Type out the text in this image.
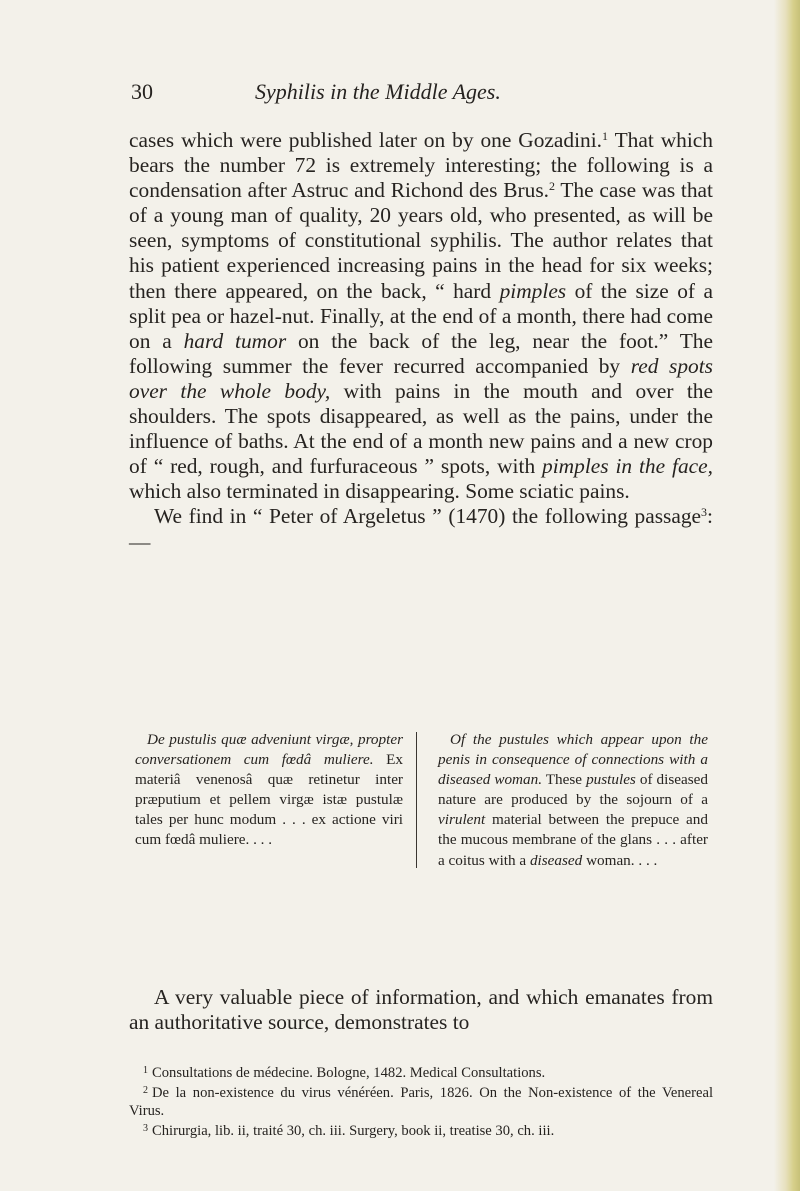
30	Syphilis in the Middle Ages.

cases which were published later on by one Gozadini.$^1$ That which bears the number 72 is extremely interesting; the following is a condensation after Astruc and Richond des Brus.$^2$ The case was that of a young man of quality, 20 years old, who presented, as will be seen, symptoms of constitutional syphilis. The author relates that his patient experienced increasing pains in the head for six weeks; then there appeared, on the back, “ hard pimples of the size of a split pea or hazel-nut. Finally, at the end of a month, there had come on a hard tumor on the back of the leg, near the foot.” The following summer the fever recurred accompanied by red spots over the whole body, with pains in the mouth and over the shoulders. The spots disappeared, as well as the pains, under the influence of baths. At the end of a month new pains and a new crop of “ red, rough, and furfuraceous ” spots, with pimples in the face, which also terminated in disappearing. Some sciatic pains.

We find in “ Peter of Argeletus ” (1470) the following passage$^3$: —

De pustulis quæ adveniunt virgæ, propter conversationem cum fœdâ muliere. Ex materiâ venenosâ quæ retinetur inter præputium et pellem virgæ istæ pustulæ tales per hunc modum . . . ex actione viri cum fœdâ muliere. . . .

Of the pustules which appear upon the penis in consequence of connections with a diseased woman. These pustules of diseased nature are produced by the sojourn of a virulent material between the prepuce and the mucous membrane of the glans . . . after a coitus with a diseased woman. . . .

A very valuable piece of information, and which emanates from an authoritative source, demonstrates to

$^1$ Consultations de médecine. Bologne, 1482. Medical Consultations.

$^2$ De la non-existence du virus vénéréen. Paris, 1826. On the Non-existence of the Venereal Virus.

$^3$ Chirurgia, lib. ii, traité 30, ch. iii. Surgery, book ii, treatise 30, ch. iii.
